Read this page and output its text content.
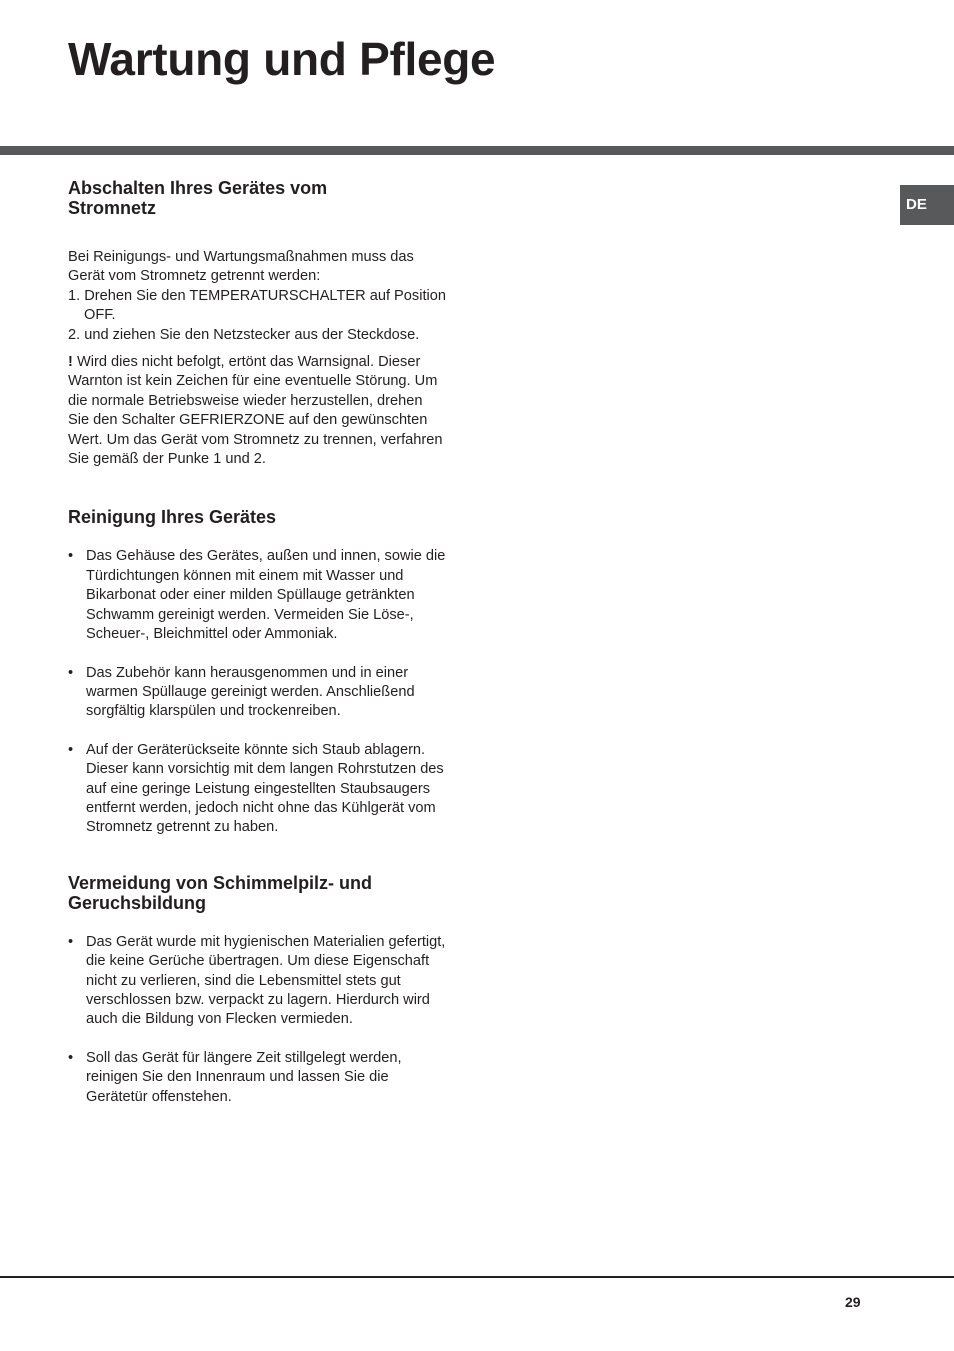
Wartung und Pflege
DE
Abschalten Ihres Gerätes vom
Stromnetz

Bei Reinigungs- und Wartungsmaßnahmen muss das
Gerät vom Stromnetz getrennt werden:

1. Drehen Sie den TEMPERATURSCHALTER auf Position OFF.
2. und ziehen Sie den Netzstecker aus der Steckdose.

! Wird dies nicht befolgt, ertönt das Warnsignal. Dieser Warnton ist kein Zeichen für eine eventuelle Störung. Um die normale Betriebsweise wieder herzustellen, drehen Sie den Schalter GEFRIERZONE auf den gewünschten Wert. Um das Gerät vom Stromnetz zu trennen, verfahren Sie gemäß der Punke 1 und 2.

Reinigung Ihres Gerätes
• Das Gehäuse des Gerätes, außen und innen, sowie die Türdichtungen können mit einem mit Wasser und Bikarbonat oder einer milden Spüllauge getränkten Schwamm gereinigt werden. Vermeiden Sie Löse-, Scheuer-, Bleichmittel oder Ammoniak.
• Das Zubehör kann herausgenommen und in einer warmen Spüllauge gereinigt werden. Anschließend sorgfältig klarspülen und trockenreiben.
• Auf der Geräterückseite könnte sich Staub ablagern. Dieser kann vorsichtig mit dem langen Rohrstutzen des auf eine geringe Leistung eingestellten Staubsaugers entfernt werden, jedoch nicht ohne das Kühlgerät vom Stromnetz getrennt zu haben.
Vermeidung von Schimmelpilz- und
Geruchsbildung
• Das Gerät wurde mit hygienischen Materialien gefertigt, die keine Gerüche übertragen. Um diese Eigenschaft nicht zu verlieren, sind die Lebensmittel stets gut verschlossen bzw. verpackt zu lagern. Hierdurch wird auch die Bildung von Flecken vermieden.
• Soll das Gerät für längere Zeit stillgelegt werden, reinigen Sie den Innenraum und lassen Sie die Gerätetür offenstehen.
29
